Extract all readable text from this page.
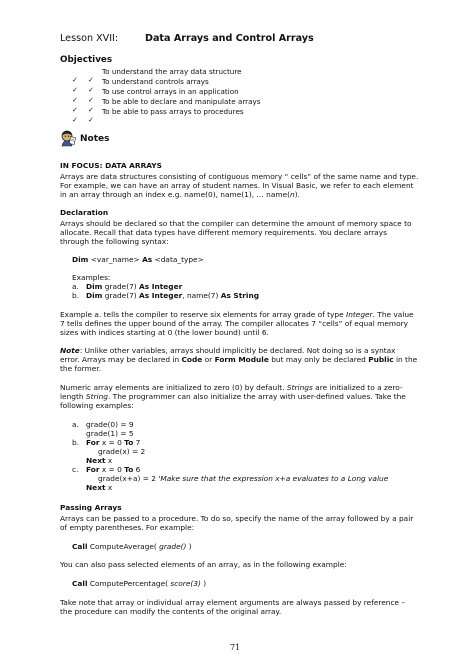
Lesson XVII:	Data Arrays and Control Arrays
Objectives
✓ ✓
To understand the array data structure
✓ ✓
To understand controls arrays
✓ ✓
To use control arrays in an application
✓ ✓
To be able to declare and manipulate arrays
✓ ✓
To be able to pass arrays to procedures
Notes
IN FOCUS: DATA ARRAYS
Arrays are data structures consisting of contiguous memory “ cells” of the same name and type.
For example, we can have an array of student names. In Visual Basic, we refer to each element
in an array through an index e.g. name(0), name(1), … name(n).
Declaration
Arrays should be declared so that the compiler can determine the amount of memory space to
allocate. Recall that data types have different memory requirements. You declare arrays
through the following syntax:
Dim <var_name> As <data_type>
Examples:
a. Dim grade(7) As Integer
b. Dim grade(7) As Integer, name(7) As String
Example a. tells the compiler to reserve six elements for array grade of type Integer. The value
7 tells defines the upper bound of the array. The compiler allocates 7 “cells” of equal memory
sizes with indices starting at 0 (the lower bound) until 6.
Note: Unlike other variables, arrays should implicitly be declared. Not doing so is a syntax
error. Arrays may be declared in Code or Form Module but may only be declared Public in the
the former.
Numeric array elements are initialized to zero (0) by default. Strings are initialized to a zero-
length String. The programmer can also initialize the array with user-defined values. Take the
following examples:
a. grade(0) = 9
grade(1) = 5
b. For x = 0 To 7
grade(x) = 2
Next x
c. For x = 0 To 6
grade(x+a) = 2 'Make sure that the expression x+a evaluates to a Long value
Next x
Passing Arrays
Arrays can be passed to a procedure. To do so, specify the name of the array followed by a pair
of empty parentheses. For example:
Call ComputeAverage( grade() )
You can also pass selected elements of an array, as in the following example:
Call ComputePercentage( score(3) )
Take note that array or individual array element arguments are always passed by reference –
the procedure can modify the contents of the original array.
71
